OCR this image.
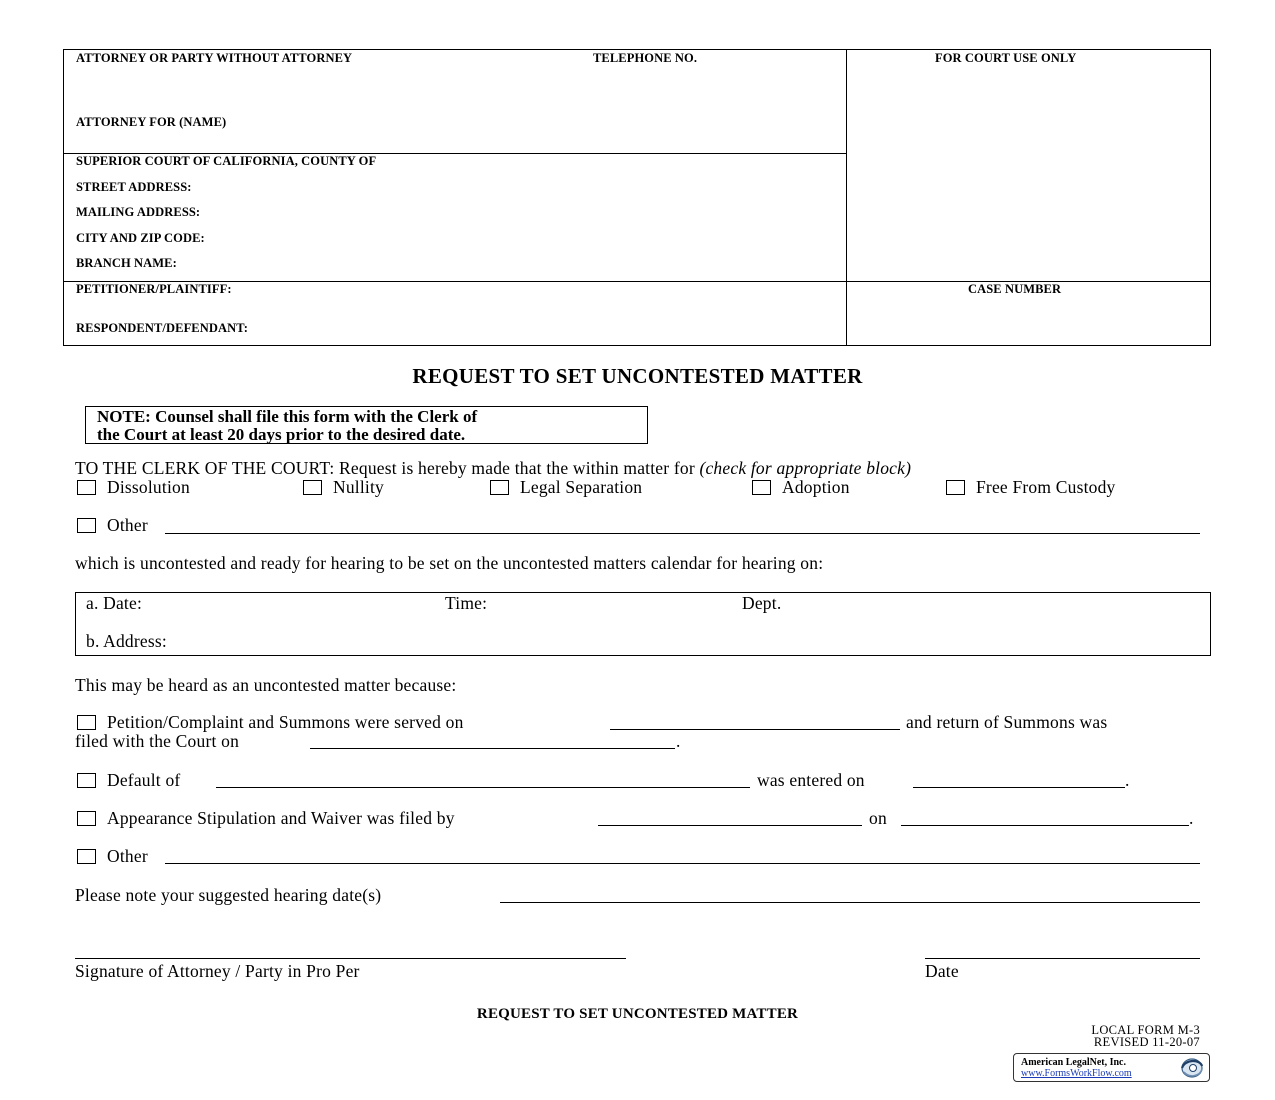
ATTORNEY OR PARTY WITHOUT ATTORNEY	TELEPHONE NO.	FOR COURT USE ONLY
ATTORNEY FOR (NAME)
SUPERIOR COURT OF CALIFORNIA, COUNTY OF
STREET ADDRESS:
MAILING ADDRESS:
CITY AND ZIP CODE:
BRANCH NAME:
PETITIONER/PLAINTIFF:
RESPONDENT/DEFENDANT:
CASE NUMBER
REQUEST TO SET UNCONTESTED MATTER
NOTE: Counsel shall file this form with the Clerk of
the Court at least 20 days prior to the desired date.
TO THE CLERK OF THE COURT: Request is hereby made that the within matter for (check for appropriate block)
Dissolution	Nullity	Legal Separation	Adoption	Free From Custody
Other
which is uncontested and ready for hearing to be set on the uncontested matters calendar for hearing on:
a. Date:	Time:	Dept.
b. Address:
This may be heard as an uncontested matter because:
Petition/Complaint and Summons were served on	and return of Summons was
filed with the Court on	.
Default of	was entered on	.
Appearance Stipulation and Waiver was filed by	on	.
Other
Please note your suggested hearing date(s)
Signature of Attorney / Party in Pro Per	Date
REQUEST TO SET UNCONTESTED MATTER
LOCAL FORM M-3
REVISED 11-20-07
American LegalNet, Inc.
www.FormsWorkFlow.com
